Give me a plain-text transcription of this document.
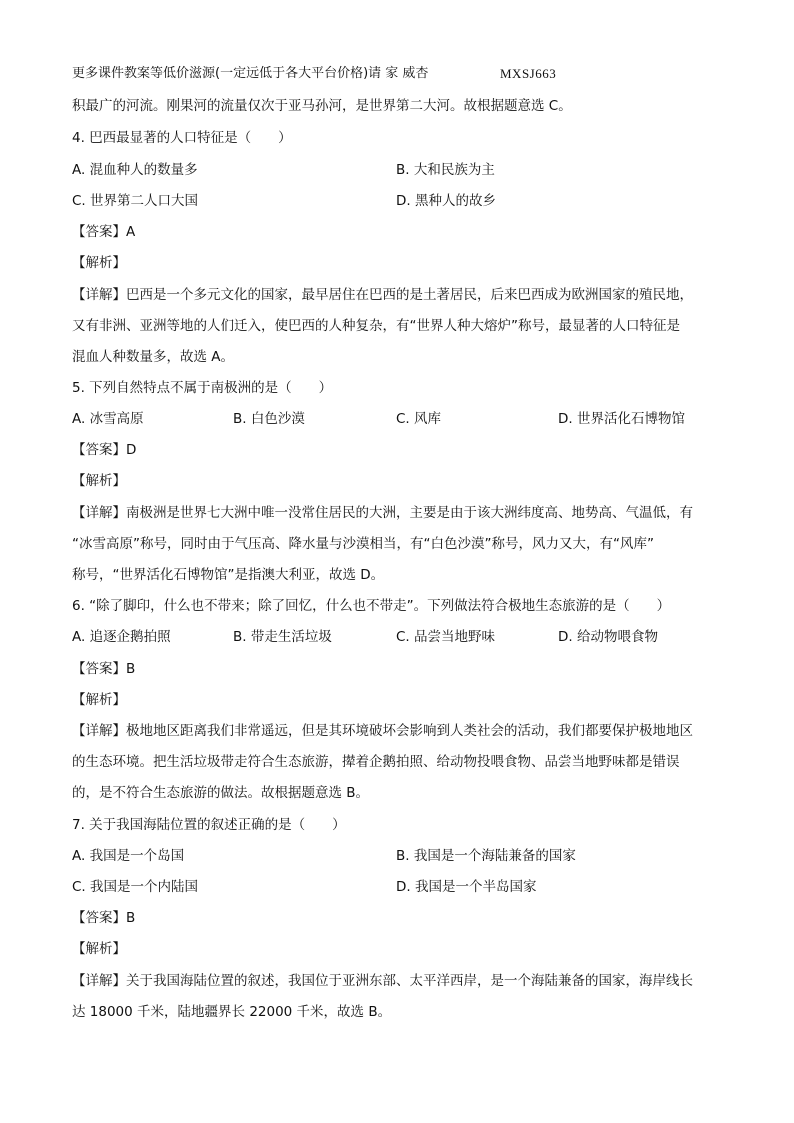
更多课件教案等低价滋源(一定远低于各大平台价格)请 家 威杏	MXSJ663
积最广的河流。刚果河的流量仅次于亚马孙河，是世界第二大河。故根据题意选 C。
4. 巴西最显著的人口特征是（　　）
A. 混血种人的数量多	B. 大和民族为主
C. 世界第二人口大国	D. 黑种人的故乡
【答案】A
【解析】
【详解】巴西是一个多元文化的国家，最早居住在巴西的是土著居民，后来巴西成为欧洲国家的殖民地，
又有非洲、亚洲等地的人们迁入，使巴西的人种复杂，有“世界人种大熔炉”称号，最显著的人口特征是
混血人种数量多，故选 A。
5. 下列自然特点不属于南极洲的是（　　）
A. 冰雪高原	B. 白色沙漠	C. 风库	D. 世界活化石博物馆
【答案】D
【解析】
【详解】南极洲是世界七大洲中唯一没常住居民的大洲，主要是由于该大洲纬度高、地势高、气温低，有
“冰雪高原”称号，同时由于气压高、降水量与沙漠相当，有“白色沙漠”称号，风力又大，有“风库”
称号，“世界活化石博物馆”是指澳大利亚，故选 D。
6. “除了脚印，什么也不带来；除了回忆，什么也不带走”。下列做法符合极地生态旅游的是（　　）
A. 追逐企鹅拍照	B. 带走生活垃圾	C. 品尝当地野味	D. 给动物喂食物
【答案】B
【解析】
【详解】极地地区距离我们非常遥远，但是其环境破坏会影响到人类社会的活动，我们都要保护极地地区
的生态环境。把生活垃圾带走符合生态旅游，撵着企鹅拍照、给动物投喂食物、品尝当地野味都是错误
的，是不符合生态旅游的做法。故根据题意选 B。
7. 关于我国海陆位置的叙述正确的是（　　）
A. 我国是一个岛国	B. 我国是一个海陆兼备的国家
C. 我国是一个内陆国	D. 我国是一个半岛国家
【答案】B
【解析】
【详解】关于我国海陆位置的叙述，我国位于亚洲东部、太平洋西岸，是一个海陆兼备的国家，海岸线长
达 18000 千米，陆地疆界长 22000 千米，故选 B。
